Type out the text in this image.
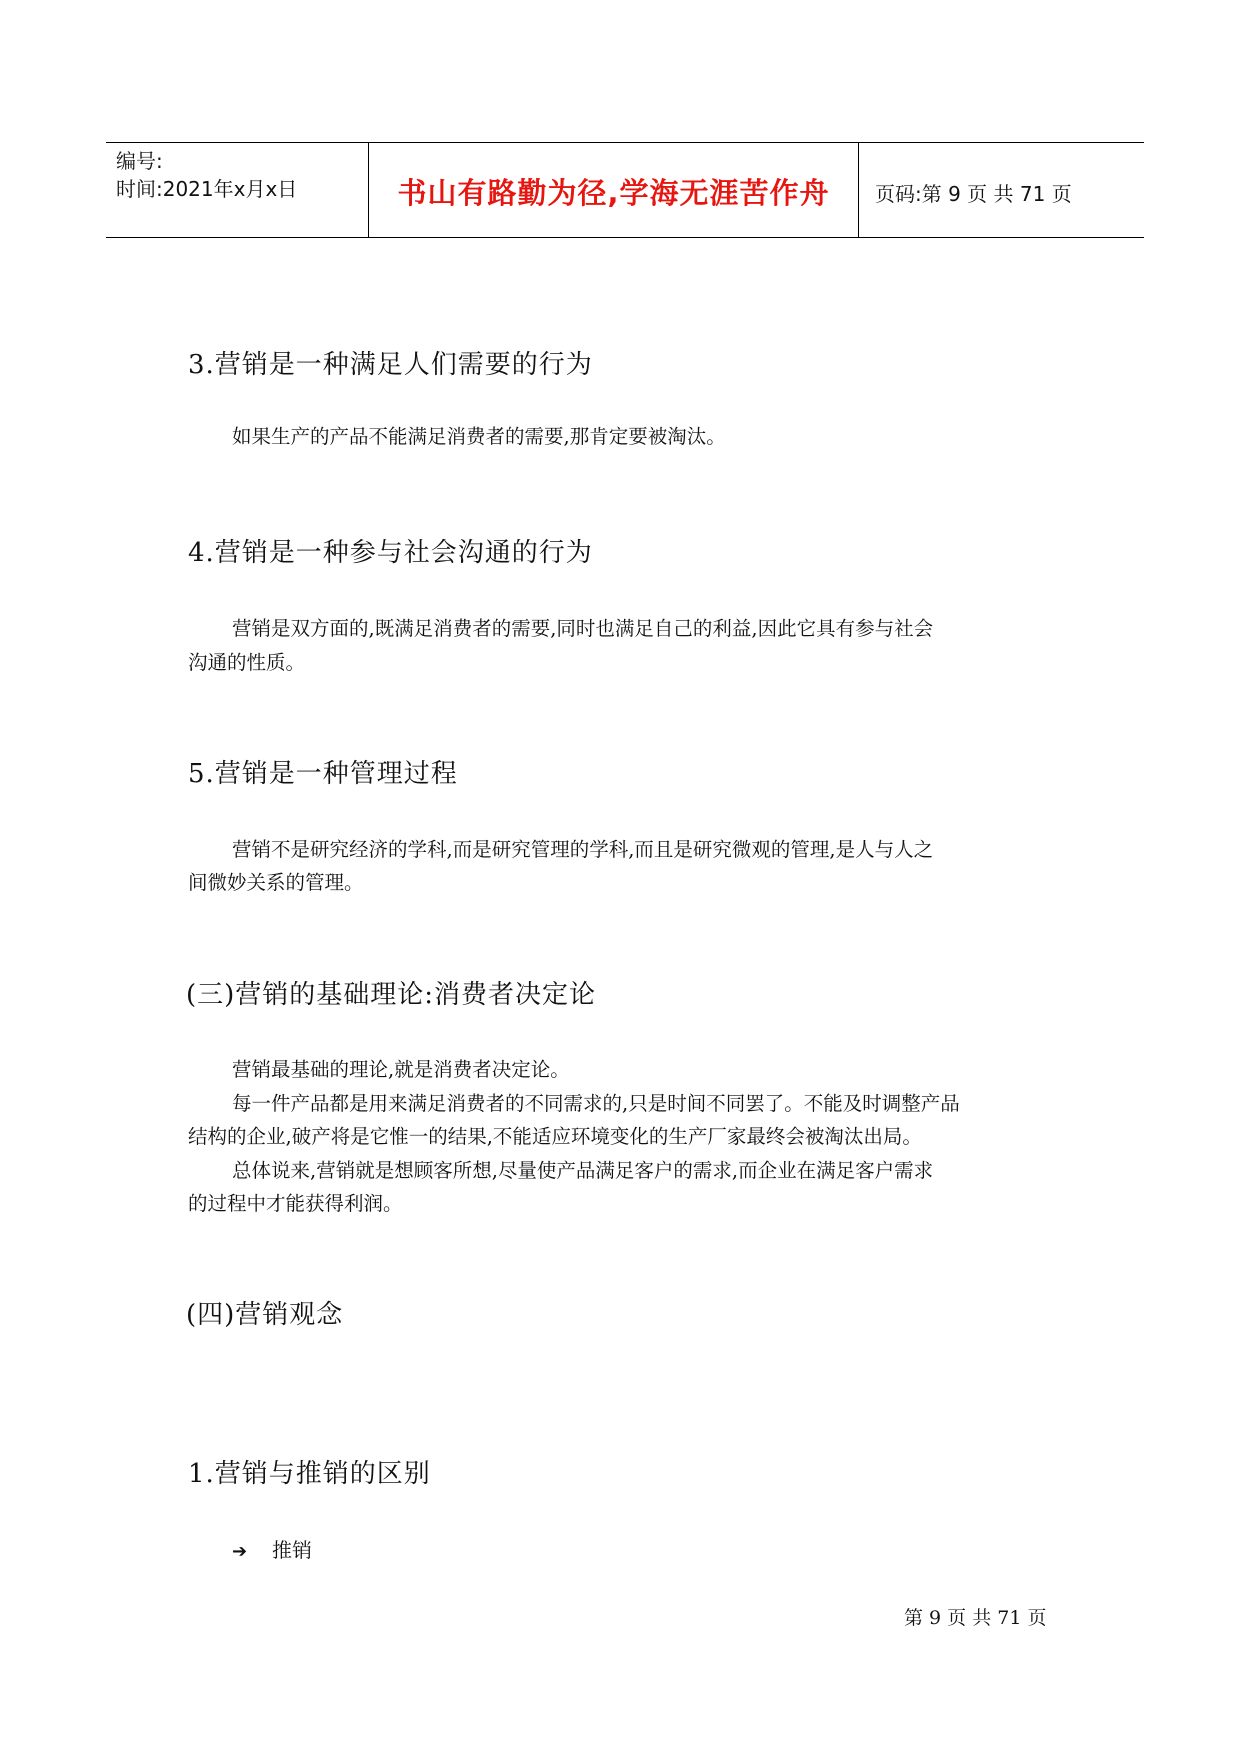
编号:
时间:2021年x月x日	书山有路勤为径,学海无涯苦作舟	页码:第 9 页 共 71 页
3.营销是一种满足人们需要的行为
如果生产的产品不能满足消费者的需要,那肯定要被淘汰。
4.营销是一种参与社会沟通的行为
营销是双方面的,既满足消费者的需要,同时也满足自己的利益,因此它具有参与社会
沟通的性质。
5.营销是一种管理过程
营销不是研究经济的学科,而是研究管理的学科,而且是研究微观的管理,是人与人之
间微妙关系的管理。
(三)营销的基础理论:消费者决定论
营销最基础的理论,就是消费者决定论。
每一件产品都是用来满足消费者的不同需求的,只是时间不同罢了。不能及时调整产品
结构的企业,破产将是它惟一的结果,不能适应环境变化的生产厂家最终会被淘汰出局。
总体说来,营销就是想顾客所想,尽量使产品满足客户的需求,而企业在满足客户需求
的过程中才能获得利润。
(四)营销观念
1.营销与推销的区别
➔ 推销
第 9 页 共 71 页
